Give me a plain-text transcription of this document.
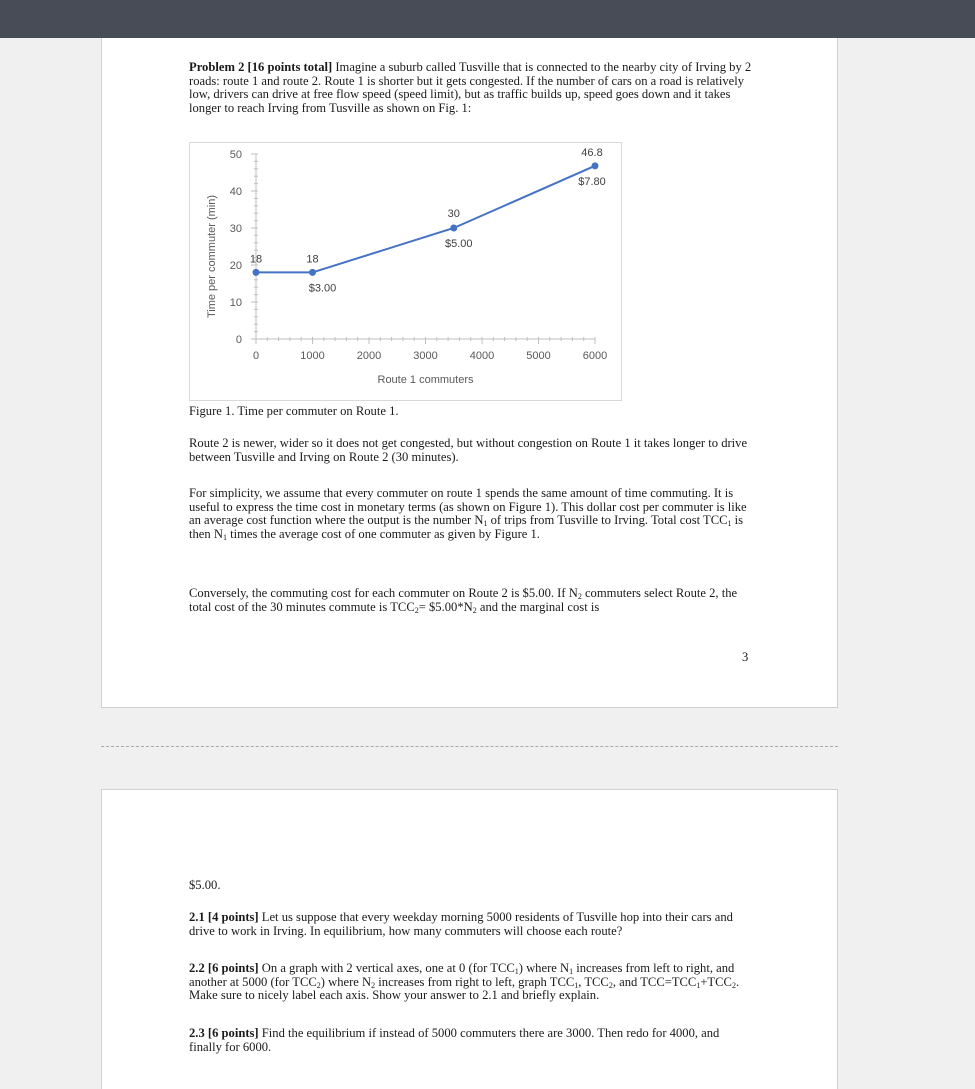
Problem 2 [16 points total] Imagine a suburb called Tusville that is connected to the nearby city of Irving by 2 roads: route 1 and route 2. Route 1 is shorter but it gets congested. If the number of cars on a road is relatively low, drivers can drive at free flow speed (speed limit), but as traffic builds up, speed goes down and it takes longer to reach Irving from Tusville as shown on Fig. 1:

0
10
20
30
40
50
0	1000	2000	3000	4000	5000	6000
Route 1 commuters
Time per commuter (min)	18	18
$3.00
30
$5.00
46.8
$7.80

Figure 1. Time per commuter on Route 1.

Route 2 is newer, wider so it does not get congested, but without congestion on Route 1 it takes longer to drive between Tusville and Irving on Route 2 (30 minutes).

For simplicity, we assume that every commuter on route 1 spends the same amount of time commuting. It is useful to express the time cost in monetary terms (as shown on Figure 1). This dollar cost per commuter is like an average cost function where the output is the number $N_1$ of trips from Tusville to Irving. Total cost $TCC_1$ is then $N_1$ times the average cost of one commuter as given by Figure 1.

Conversely, the commuting cost for each commuter on Route 2 is $5.00. If $N_2$ commuters select Route 2, the total cost of the 30 minutes commute is $TCC_2=$ $\$5.00*N_2$ and the marginal cost is

3

$5.00.

2.1 [4 points] Let us suppose that every weekday morning 5000 residents of Tusville hop into their cars and drive to work in Irving. In equilibrium, how many commuters will choose each route?

2.2 [6 points] On a graph with 2 vertical axes, one at 0 (for $TCC_1$) where $N_1$ increases from left to right, and another at 5000 (for $TCC_2$) where $N_2$ increases from right to left, graph $TCC_1$, $TCC_2$, and $TCC=TCC_1+TCC_2$. Make sure to nicely label each axis. Show your answer to 2.1 and briefly explain.

2.3 [6 points] Find the equilibrium if instead of 5000 commuters there are 3000. Then redo for 4000, and finally for 6000.
